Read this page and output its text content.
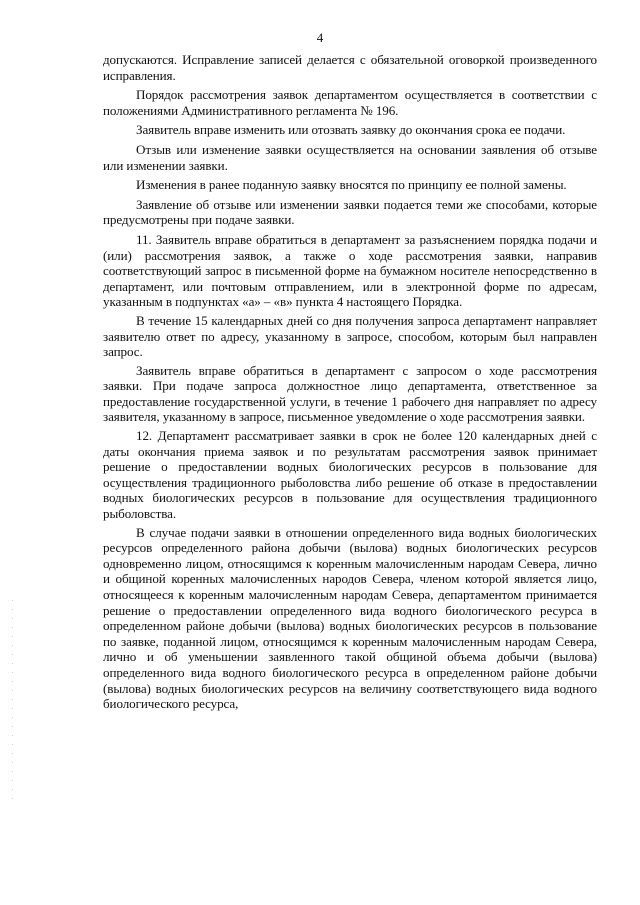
4

допускаются. Исправление записей делается с обязательной оговоркой произведенного исправления.

Порядок рассмотрения заявок департаментом осуществляется в соответствии с положениями Административного регламента № 196.

Заявитель вправе изменить или отозвать заявку до окончания срока ее подачи.

Отзыв или изменение заявки осуществляется на основании заявления об отзыве или изменении заявки.

Изменения в ранее поданную заявку вносятся по принципу ее полной замены.

Заявление об отзыве или изменении заявки подается теми же способами, которые предусмотрены при подаче заявки.

11. Заявитель вправе обратиться в департамент за разъяснением порядка подачи и (или) рассмотрения заявок, а также о ходе рассмотрения заявки, направив соответствующий запрос в письменной форме на бумажном носителе непосредственно в департамент, или почтовым отправлением, или в электронной форме по адресам, указанным в подпунктах «а» – «в» пункта 4 настоящего Порядка.

В течение 15 календарных дней со дня получения запроса департамент направляет заявителю ответ по адресу, указанному в запросе, способом, которым был направлен запрос.

Заявитель вправе обратиться в департамент с запросом о ходе рассмотрения заявки. При подаче запроса должностное лицо департамента, ответственное за предоставление государственной услуги, в течение 1 рабочего дня направляет по адресу заявителя, указанному в запросе, письменное уведомление о ходе рассмотрения заявки.

12. Департамент рассматривает заявки в срок не более 120 календарных дней с даты окончания приема заявок и по результатам рассмотрения заявок принимает решение о предоставлении водных биологических ресурсов в пользование для осуществления традиционного рыболовства либо решение об отказе в предоставлении водных биологических ресурсов в пользование для осуществления традиционного рыболовства.

В случае подачи заявки в отношении определенного вида водных биологических ресурсов определенного района добычи (вылова) водных биологических ресурсов одновременно лицом, относящимся к коренным малочисленным народам Севера, лично и общиной коренных малочисленных народов Севера, членом которой является лицо, относящееся к коренным малочисленным народам Севера, департаментом принимается решение о предоставлении определенного вида водного биологического ресурса в определенном районе добычи (вылова) водных биологических ресурсов в пользование по заявке, поданной лицом, относящимся к коренным малочисленным народам Севера, лично и об уменьшении заявленного такой общиной объема добычи (вылова) определенного вида водного биологического ресурса в определенном районе добычи (вылова) водных биологических ресурсов на величину соответствующего вида водного биологического ресурса,
